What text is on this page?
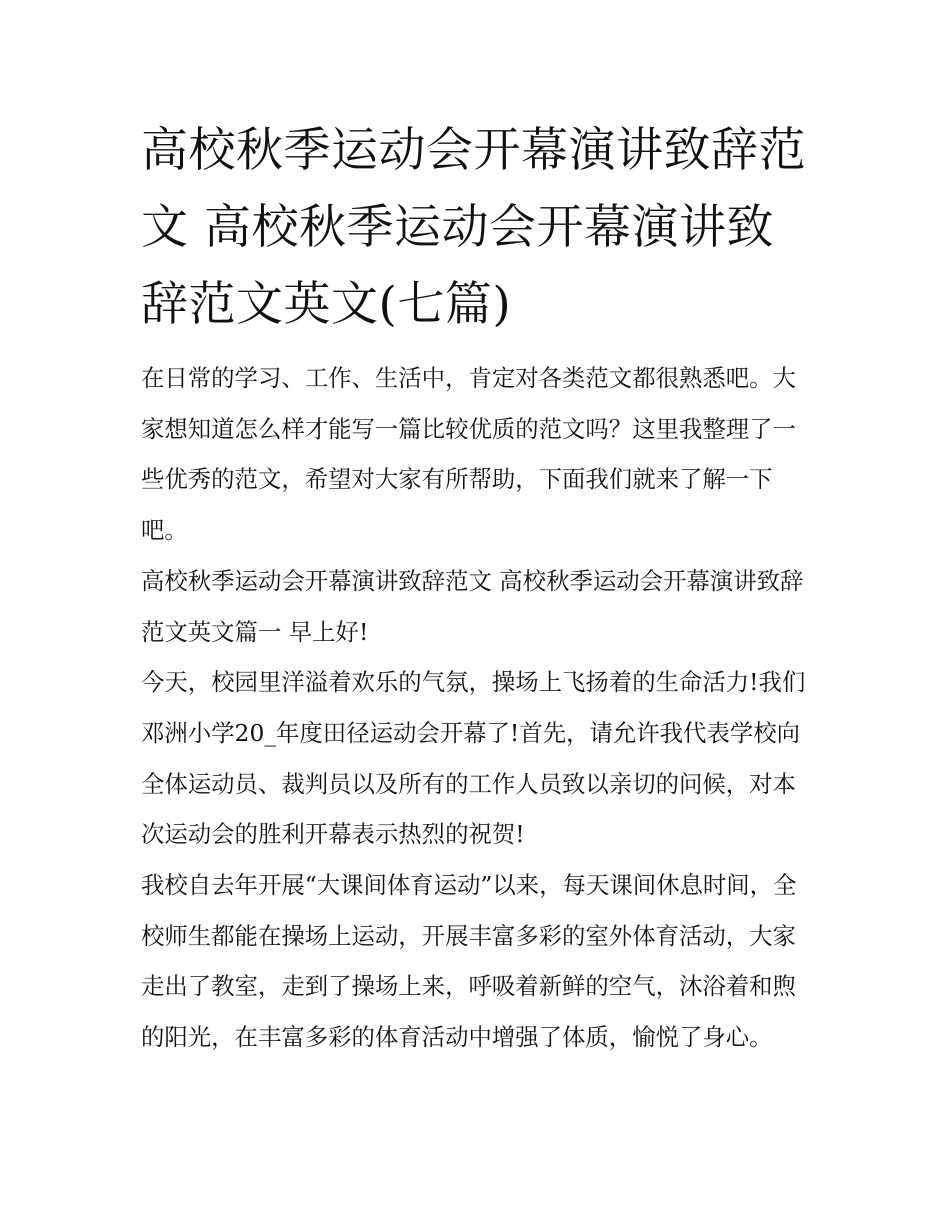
高校秋季运动会开幕演讲致辞范文 高校秋季运动会开幕演讲致辞范文英文(七篇)

在日常的学习、工作、生活中，肯定对各类范文都很熟悉吧。大家想知道怎么样才能写一篇比较优质的范文吗？这里我整理了一些优秀的范文，希望对大家有所帮助，下面我们就来了解一下吧。

高校秋季运动会开幕演讲致辞范文 高校秋季运动会开幕演讲致辞范文英文篇一 早上好!

今天，校园里洋溢着欢乐的气氛，操场上飞扬着的生命活力!我们邓洲小学20_年度田径运动会开幕了!首先，请允许我代表学校向全体运动员、裁判员以及所有的工作人员致以亲切的问候，对本次运动会的胜利开幕表示热烈的祝贺!

我校自去年开展“大课间体育运动”以来，每天课间休息时间，全校师生都能在操场上运动，开展丰富多彩的室外体育活动，大家走出了教室，走到了操场上来，呼吸着新鲜的空气，沐浴着和煦的阳光，在丰富多彩的体育活动中增强了体质，愉悦了身心。
